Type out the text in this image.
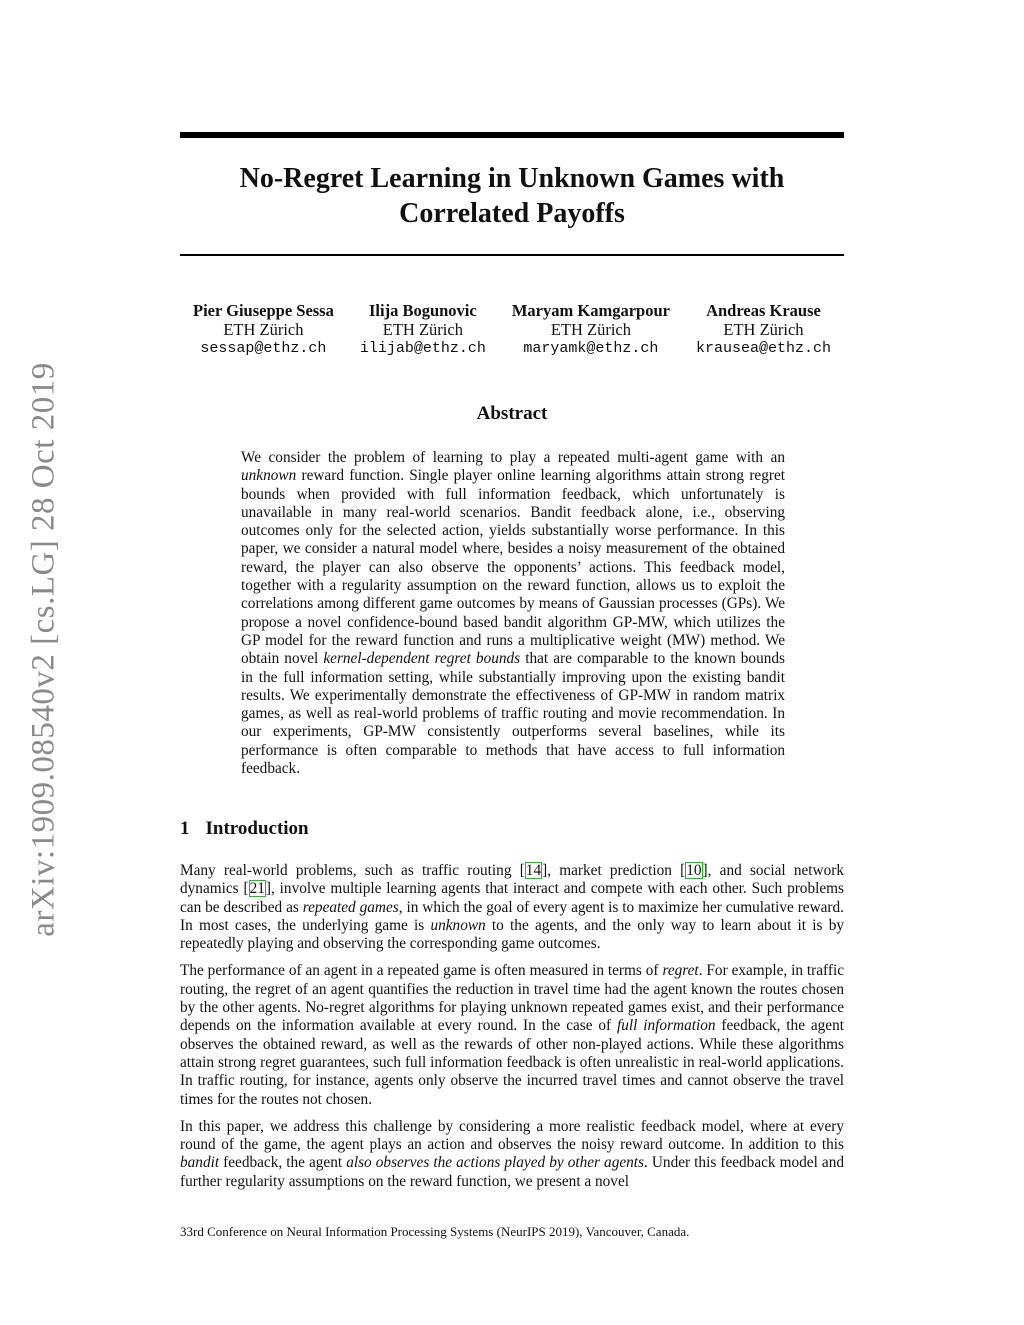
arXiv:1909.08540v2 [cs.LG] 28 Oct 2019
No-Regret Learning in Unknown Games with
Correlated Payoffs
Pier Giuseppe Sessa
ETH Zürich
sessap@ethz.ch
Ilija Bogunovic
ETH Zürich
ilijab@ethz.ch
Maryam Kamgarpour
ETH Zürich
maryamk@ethz.ch
Andreas Krause
ETH Zürich
krausea@ethz.ch
Abstract

We consider the problem of learning to play a repeated multi-agent game with an unknown reward function. Single player online learning algorithms attain strong regret bounds when provided with full information feedback, which unfortunately is unavailable in many real-world scenarios. Bandit feedback alone, i.e., observing outcomes only for the selected action, yields substantially worse performance. In this paper, we consider a natural model where, besides a noisy measurement of the obtained reward, the player can also observe the opponents’ actions. This feedback model, together with a regularity assumption on the reward function, allows us to exploit the correlations among different game outcomes by means of Gaussian processes (GPs). We propose a novel confidence-bound based bandit algorithm GP-MW, which utilizes the GP model for the reward function and runs a multiplicative weight (MW) method. We obtain novel kernel-dependent regret bounds that are comparable to the known bounds in the full information setting, while substantially improving upon the existing bandit results. We experimentally demonstrate the effectiveness of GP-MW in random matrix games, as well as real-world problems of traffic routing and movie recommendation. In our experiments, GP-MW consistently outperforms several baselines, while its performance is often comparable to methods that have access to full information feedback.

1 Introduction

Many real-world problems, such as traffic routing [14], market prediction [10], and social network dynamics [21], involve multiple learning agents that interact and compete with each other. Such problems can be described as repeated games, in which the goal of every agent is to maximize her cumulative reward. In most cases, the underlying game is unknown to the agents, and the only way to learn about it is by repeatedly playing and observing the corresponding game outcomes.

The performance of an agent in a repeated game is often measured in terms of regret. For example, in traffic routing, the regret of an agent quantifies the reduction in travel time had the agent known the routes chosen by the other agents. No-regret algorithms for playing unknown repeated games exist, and their performance depends on the information available at every round. In the case of full information feedback, the agent observes the obtained reward, as well as the rewards of other non-played actions. While these algorithms attain strong regret guarantees, such full information feedback is often unrealistic in real-world applications. In traffic routing, for instance, agents only observe the incurred travel times and cannot observe the travel times for the routes not chosen.

In this paper, we address this challenge by considering a more realistic feedback model, where at every round of the game, the agent plays an action and observes the noisy reward outcome. In addition to this bandit feedback, the agent also observes the actions played by other agents. Under this feedback model and further regularity assumptions on the reward function, we present a novel

33rd Conference on Neural Information Processing Systems (NeurIPS 2019), Vancouver, Canada.
